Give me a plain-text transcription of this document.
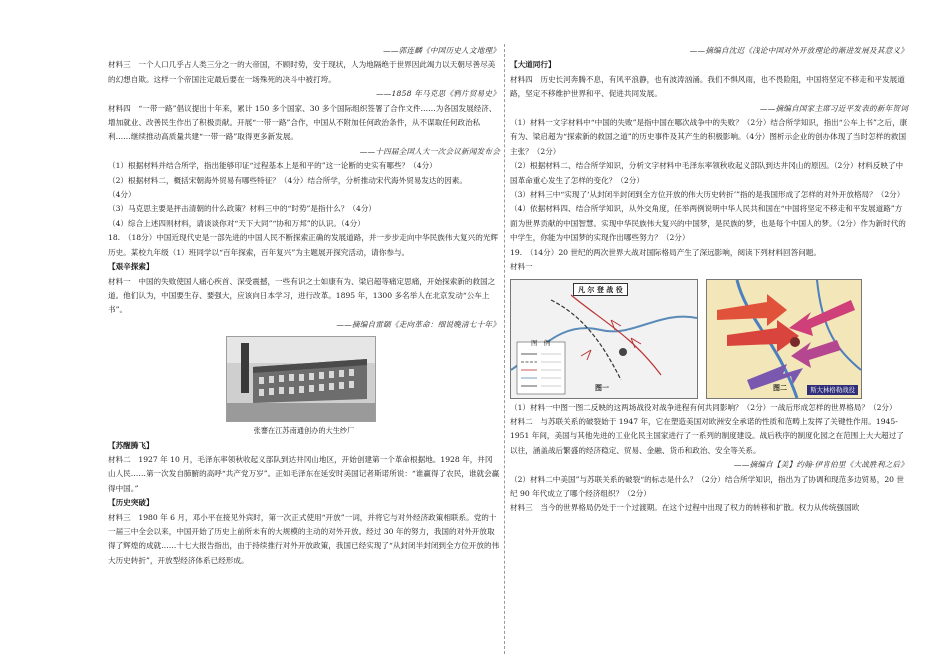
——郭连麟《中国历史人文地理》

材料三　一个人口几乎占人类三分之一的大帝国，不顾时势，安于现状，人为地隔绝于世界因此竭力以天朝尽善尽美的幻想自欺。这样一个帝国注定最后要在一场殊死的决斗中被打垮。

——1858 年马克思《鸦片贸易史》

材料四　“一带一路”倡议提出十年来，累计 150 多个国家、30 多个国际组织签署了合作文件……为各国发展经济、增加就业、改善民生作出了积极贡献。开展“一带一路”合作，中国从不附加任何政治条件，从不谋取任何政治私利……继续推动高质量共建“一带一路”取得更多新发展。

——十四届全国人大一次会议新闻发布会

（1）根据材料并结合所学，指出能够印证“过程基本上是和平的”这一论断的史实有哪些？（4分）

（2）根据材料二，概括宋朝海外贸易有哪些特征？（4分）结合所学，分析推动宋代海外贸易发达的因素。

（4分）

（3）马克思主要是抨击清朝的什么政策？材料三中的“时势”是指什么？（4分）

（4）综合上述四则材料，请谈谈你对“天下大同”“协和万邦”的认识。（4分）

18.　（18分）中国近现代史是一部先进的中国人民不断探索正确的发展道路，并一步步走向中华民族伟大复兴的光辉历史。某校九年级（1）班同学以“百年探索，百年复兴”为主题展开探究活动，请你参与。

【艰辛探索】

材料一　中国的失败使国人痛心疾首、深受震撼，一些有识之士如康有为、梁启超等痛定思痛，开始探索新的救国之道。他们认为，中国要生存、要强大，应该向日本学习，进行改革。1895 年，1300 多名举人在北京发动“公车上书”。

——摘编自雷颐《走向革命：细说晚清七十年》

张謇在江苏南通创办的大生纱厂

【苏醒腾飞】

材料二　1927 年 10 月，毛泽东率领秋收起义部队到达井冈山地区，开始创建第一个革命根据地。1928 年，井冈山人民……第一次发自肺腑的高呼“共产党万岁”。正如毛泽东在延安时美国记者斯诺所说：“谁赢得了农民，谁就会赢得中国。”

【历史突破】

材料三　1980 年 6 月，邓小平在接见外宾时，第一次正式使用“开放”一词，并将它与对外经济政策相联系。党的十一届三中全会以来，中国开始了历史上前所未有的大规模的主动的对外开放。经过 30 年的努力，我国的对外开放取得了辉煌的成就……十七大报告指出，由于持续推行对外开放政策，我国已经实现了“从封闭半封闭到全方位开放的伟大历史转折”，开放型经济体系已经形成。

——摘编自沈迟《浅论中国对外开放理论的渐进发展及其意义》

【大道同行】

材料四　历史长河奔腾不息，有风平浪静，也有波涛汹涌。我们不惧风雨，也不畏险阻，中国将坚定不移走和平发展道路，坚定不移维护世界和平、促进共同发展。

——摘编自国家主席习近平发表的新年贺词

（1）材料一文字材料中“中国的失败”是指中国在哪次战争中的失败？（2分）结合所学知识，指出“公车上书”之后，康有为、梁启超为“探索新的救国之道”的历史事件及其产生的积极影响。（4分）图析示企业的创办体现了当时怎样的救国主张？（2分）

（2）根据材料二、结合所学知识，分析文字材料中毛泽东率领秋收起义部队到达井冈山的原因。（2分）材料反映了中国革命重心发生了怎样的变化？（2分）

（3）材料三中“实现了‘从封闭半封闭到全方位开放的伟大历史转折’”指的是我国形成了怎样的对外开放格局？（2分）

（4）依据材料四、结合所学知识，从外交角度，任举两例说明中华人民共和国在“中国将坚定不移走和平发展道路”方面为世界贡献的中国智慧。实现中华民族伟大复兴的中国梦，是民族的梦，也是每个中国人的梦。（2分）作为新时代的中学生，你能为中国梦的实现作出哪些努力？（2分）

19.　（14分）20 世纪的两次世界大战对国际格局产生了深远影响，阅读下列材料回答问题。

材料一

凡 尔 登 战 役
图　例
图一	斯大林格勒战役
图二

（1）材料一中图一图二反映的这两场战役对战争进程有何共同影响？（2分）一战后形成怎样的世界格局？（2分）

材料二　与苏联关系的破裂始于 1947 年，它在塑造美国对欧洲安全承诺的性质和范畴上发挥了关键性作用。1945-1951 年间，美国与其他先进的工业化民主国家进行了一系列的制度建设。战后秩序的制度化园之在范围上大大超过了以往，涵盖战后繁盛的经济稳定、贸易、金融、货币和政治、安全等关系。

——摘编自【美】约翰·伊肯伯里《大战胜利之后》

（2）材料二中美国”与苏联关系的破裂“的标志是什么？（2分）结合所学知识，指出为了协调和现范多边贸易，20 世纪 90 年代成立了哪个经济组织？（2分）

材料三　当今的世界格局仍处于一个过渡期。在这个过程中出现了权力的转移和扩散。权力从传统强国欧
